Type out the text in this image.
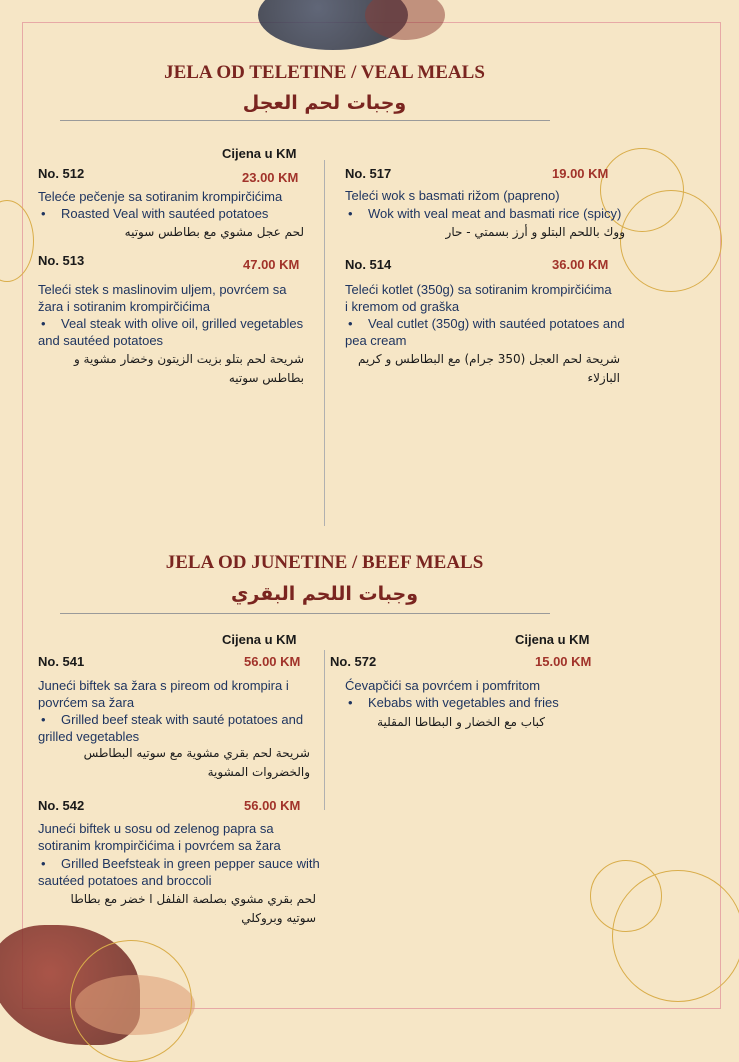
JELA OD TELETINE / VEAL MEALS
وجبات لحم العجل
Cijena u KM
No. 512	23.00 KM
Teleće pečenje sa sotiranim krompirčićima
• Roasted Veal with sautéed potatoes
لحم عجل مشوي مع بطاطس سوتيه
No. 517	19.00 KM
Teleći wok s basmati rižom (papreno)
• Wok with veal meat and basmati rice (spicy)
ووك باللحم البتلو و أرز بسمتي - حار
No. 513	47.00 KM
Teleći stek s maslinovim uljem, povrćem sa žara i sotiranim krompirčićima
• Veal steak with olive oil, grilled vegetables and sautéed potatoes
شريحة لحم بتلو بزيت الزيتون وخضار مشوية و بطاطس سوتيه
No. 514	36.00 KM
Teleći kotlet (350g) sa sotiranim krompirčićima i kremom od graška
• Veal cutlet (350g) with sautéed potatoes and pea cream
شريحة لحم العجل (350 جرام) مع البطاطس و كريم البازلاء
JELA OD JUNETINE / BEEF MEALS
وجبات اللحم البقري
Cijena u KM	Cijena u KM
No. 541	56.00 KM
Juneći biftek sa žara s pireom od krompira i povrćem sa žara
• Grilled beef steak with sauté potatoes and grilled vegetables
شريحة لحم بقري مشوية مع سوتيه البطاطس والخضروات المشوية
No. 572	15.00 KM
Ćevapčići sa povrćem i pomfritom
• Kebabs with vegetables and fries
كباب مع الخضار و البطاطا المقلية
No. 542	56.00 KM
Juneći biftek u sosu od zelenog papra sa sotiranim krompirčićima i povrćem sa žara
• Grilled Beefsteak in green pepper sauce with sautéed potatoes and broccoli
لحم بقري مشوي بصلصة الفلفل ا خضر مع بطاطا سوتيه وبروكلي
